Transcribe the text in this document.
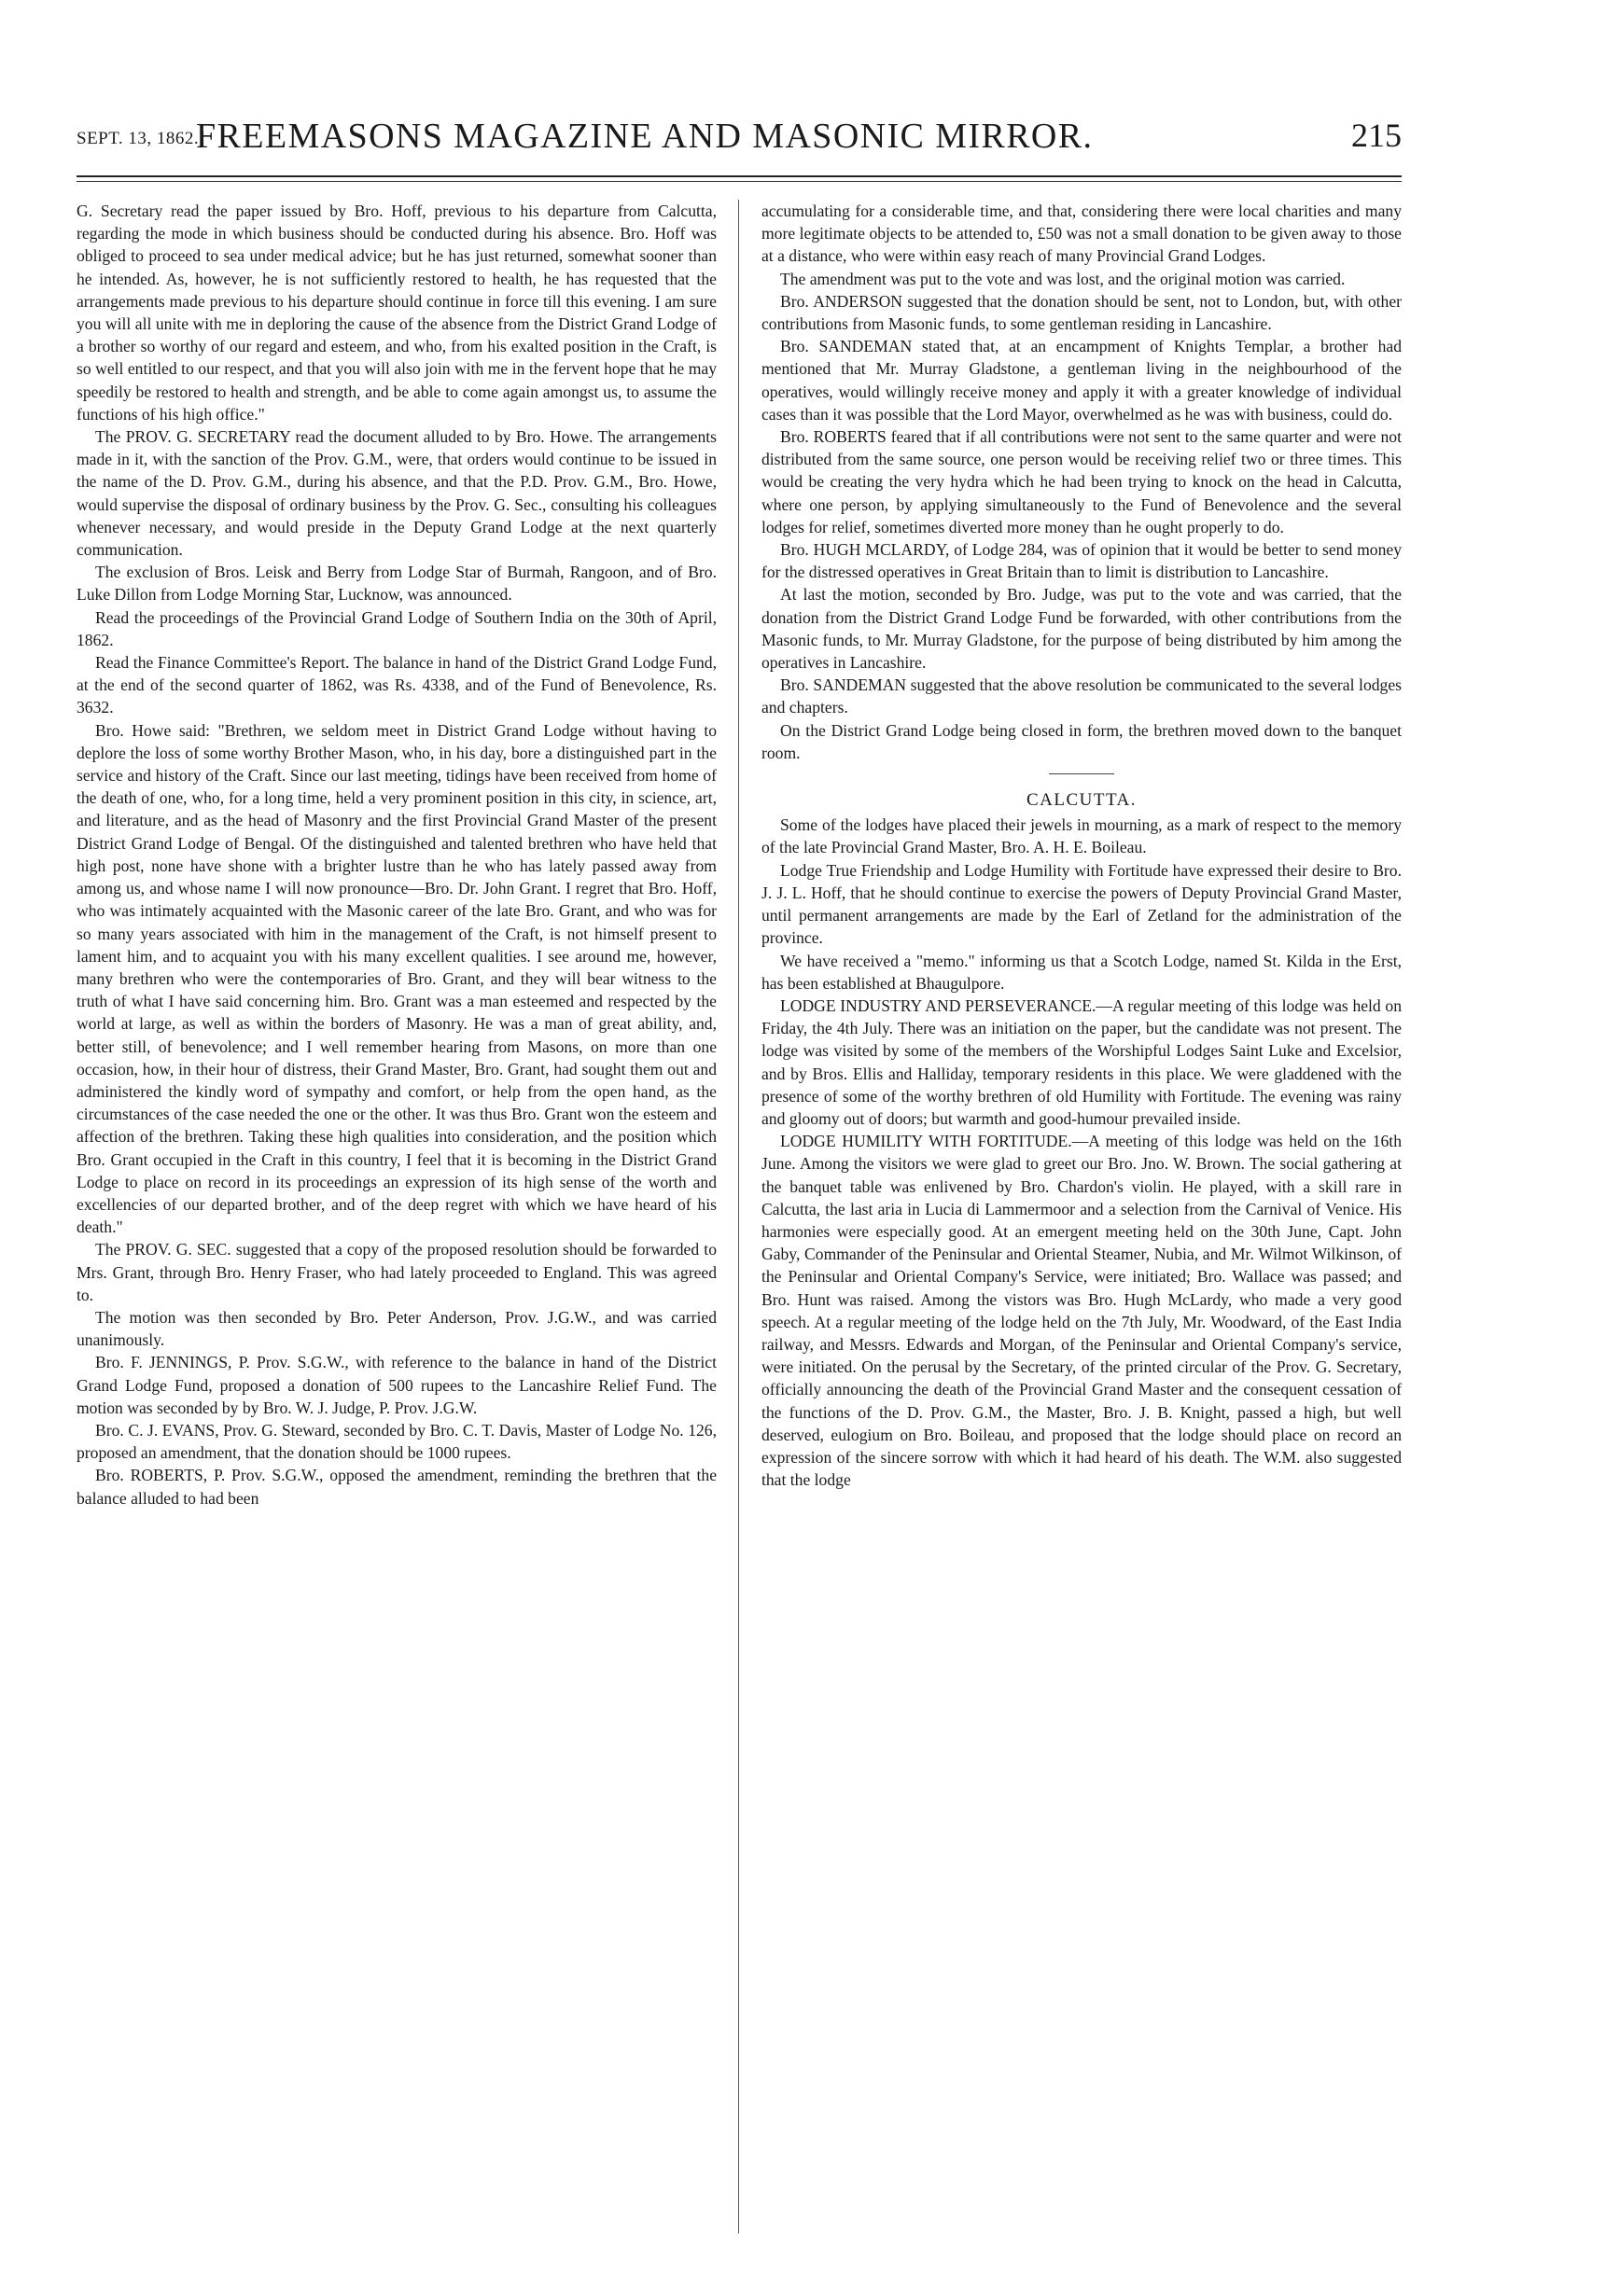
SEPT. 13, 1862.]
FREEMASONS MAGAZINE AND MASONIC MIRROR.	215

G. Secretary read the paper issued by Bro. Hoff, previous to his departure from Calcutta, regarding the mode in which business should be conducted during his absence. Bro. Hoff was obliged to proceed to sea under medical advice; but he has just returned, somewhat sooner than he intended. As, however, he is not sufficiently restored to health, he has requested that the arrangements made previous to his departure should continue in force till this evening. I am sure you will all unite with me in deploring the cause of the absence from the District Grand Lodge of a brother so worthy of our regard and esteem, and who, from his exalted position in the Craft, is so well entitled to our respect, and that you will also join with me in the fervent hope that he may speedily be restored to health and strength, and be able to come again amongst us, to assume the functions of his high office."

The PROV. G. SECRETARY read the document alluded to by Bro. Howe. The arrangements made in it, with the sanction of the Prov. G.M., were, that orders would continue to be issued in the name of the D. Prov. G.M., during his absence, and that the P.D. Prov. G.M., Bro. Howe, would supervise the disposal of ordinary business by the Prov. G. Sec., consulting his colleagues whenever necessary, and would preside in the Deputy Grand Lodge at the next quarterly communication.

The exclusion of Bros. Leisk and Berry from Lodge Star of Burmah, Rangoon, and of Bro. Luke Dillon from Lodge Morning Star, Lucknow, was announced.

Read the proceedings of the Provincial Grand Lodge of Southern India on the 30th of April, 1862.

Read the Finance Committee's Report. The balance in hand of the District Grand Lodge Fund, at the end of the second quarter of 1862, was Rs. 4338, and of the Fund of Benevolence, Rs. 3632.

Bro. Howe said: "Brethren, we seldom meet in District Grand Lodge without having to deplore the loss of some worthy Brother Mason, who, in his day, bore a distinguished part in the service and history of the Craft. Since our last meeting, tidings have been received from home of the death of one, who, for a long time, held a very prominent position in this city, in science, art, and literature, and as the head of Masonry and the first Provincial Grand Master of the present District Grand Lodge of Bengal. Of the distinguished and talented brethren who have held that high post, none have shone with a brighter lustre than he who has lately passed away from among us, and whose name I will now pronounce—Bro. Dr. John Grant. I regret that Bro. Hoff, who was intimately acquainted with the Masonic career of the late Bro. Grant, and who was for so many years associated with him in the management of the Craft, is not himself present to lament him, and to acquaint you with his many excellent qualities. I see around me, however, many brethren who were the contemporaries of Bro. Grant, and they will bear witness to the truth of what I have said concerning him. Bro. Grant was a man esteemed and respected by the world at large, as well as within the borders of Masonry. He was a man of great ability, and, better still, of benevolence; and I well remember hearing from Masons, on more than one occasion, how, in their hour of distress, their Grand Master, Bro. Grant, had sought them out and administered the kindly word of sympathy and comfort, or help from the open hand, as the circumstances of the case needed the one or the other. It was thus Bro. Grant won the esteem and affection of the brethren. Taking these high qualities into consideration, and the position which Bro. Grant occupied in the Craft in this country, I feel that it is becoming in the District Grand Lodge to place on record in its proceedings an expression of its high sense of the worth and excellencies of our departed brother, and of the deep regret with which we have heard of his death."

The PROV. G. SEC. suggested that a copy of the proposed resolution should be forwarded to Mrs. Grant, through Bro. Henry Fraser, who had lately proceeded to England. This was agreed to.

The motion was then seconded by Bro. Peter Anderson, Prov. J.G.W., and was carried unanimously.

Bro. F. JENNINGS, P. Prov. S.G.W., with reference to the balance in hand of the District Grand Lodge Fund, proposed a donation of 500 rupees to the Lancashire Relief Fund. The motion was seconded by by Bro. W. J. Judge, P. Prov. J.G.W.

Bro. C. J. EVANS, Prov. G. Steward, seconded by Bro. C. T. Davis, Master of Lodge No. 126, proposed an amendment, that the donation should be 1000 rupees.

Bro. ROBERTS, P. Prov. S.G.W., opposed the amendment, reminding the brethren that the balance alluded to had been

accumulating for a considerable time, and that, considering there were local charities and many more legitimate objects to be attended to, £50 was not a small donation to be given away to those at a distance, who were within easy reach of many Provincial Grand Lodges.

The amendment was put to the vote and was lost, and the original motion was carried.

Bro. ANDERSON suggested that the donation should be sent, not to London, but, with other contributions from Masonic funds, to some gentleman residing in Lancashire.

Bro. SANDEMAN stated that, at an encampment of Knights Templar, a brother had mentioned that Mr. Murray Gladstone, a gentleman living in the neighbourhood of the operatives, would willingly receive money and apply it with a greater knowledge of individual cases than it was possible that the Lord Mayor, overwhelmed as he was with business, could do.

Bro. ROBERTS feared that if all contributions were not sent to the same quarter and were not distributed from the same source, one person would be receiving relief two or three times. This would be creating the very hydra which he had been trying to knock on the head in Calcutta, where one person, by applying simultaneously to the Fund of Benevolence and the several lodges for relief, sometimes diverted more money than he ought properly to do.

Bro. HUGH MCLARDY, of Lodge 284, was of opinion that it would be better to send money for the distressed operatives in Great Britain than to limit is distribution to Lancashire.

At last the motion, seconded by Bro. Judge, was put to the vote and was carried, that the donation from the District Grand Lodge Fund be forwarded, with other contributions from the Masonic funds, to Mr. Murray Gladstone, for the purpose of being distributed by him among the operatives in Lancashire.

Bro. SANDEMAN suggested that the above resolution be communicated to the several lodges and chapters.

On the District Grand Lodge being closed in form, the brethren moved down to the banquet room.

CALCUTTA.

Some of the lodges have placed their jewels in mourning, as a mark of respect to the memory of the late Provincial Grand Master, Bro. A. H. E. Boileau.

Lodge True Friendship and Lodge Humility with Fortitude have expressed their desire to Bro. J. J. L. Hoff, that he should continue to exercise the powers of Deputy Provincial Grand Master, until permanent arrangements are made by the Earl of Zetland for the administration of the province.

We have received a "memo." informing us that a Scotch Lodge, named St. Kilda in the Erst, has been established at Bhaugulpore.

LODGE INDUSTRY AND PERSEVERANCE.—A regular meeting of this lodge was held on Friday, the 4th July. There was an initiation on the paper, but the candidate was not present. The lodge was visited by some of the members of the Worshipful Lodges Saint Luke and Excelsior, and by Bros. Ellis and Halliday, temporary residents in this place. We were gladdened with the presence of some of the worthy brethren of old Humility with Fortitude. The evening was rainy and gloomy out of doors; but warmth and good-humour prevailed inside.

LODGE HUMILITY WITH FORTITUDE.—A meeting of this lodge was held on the 16th June. Among the visitors we were glad to greet our Bro. Jno. W. Brown. The social gathering at the banquet table was enlivened by Bro. Chardon's violin. He played, with a skill rare in Calcutta, the last aria in Lucia di Lammermoor and a selection from the Carnival of Venice. His harmonies were especially good. At an emergent meeting held on the 30th June, Capt. John Gaby, Commander of the Peninsular and Oriental Steamer, Nubia, and Mr. Wilmot Wilkinson, of the Peninsular and Oriental Company's Service, were initiated; Bro. Wallace was passed; and Bro. Hunt was raised. Among the vistors was Bro. Hugh McLardy, who made a very good speech. At a regular meeting of the lodge held on the 7th July, Mr. Woodward, of the East India railway, and Messrs. Edwards and Morgan, of the Peninsular and Oriental Company's service, were initiated. On the perusal by the Secretary, of the printed circular of the Prov. G. Secretary, officially announcing the death of the Provincial Grand Master and the consequent cessation of the functions of the D. Prov. G.M., the Master, Bro. J. B. Knight, passed a high, but well deserved, eulogium on Bro. Boileau, and proposed that the lodge should place on record an expression of the sincere sorrow with which it had heard of his death. The W.M. also suggested that the lodge
